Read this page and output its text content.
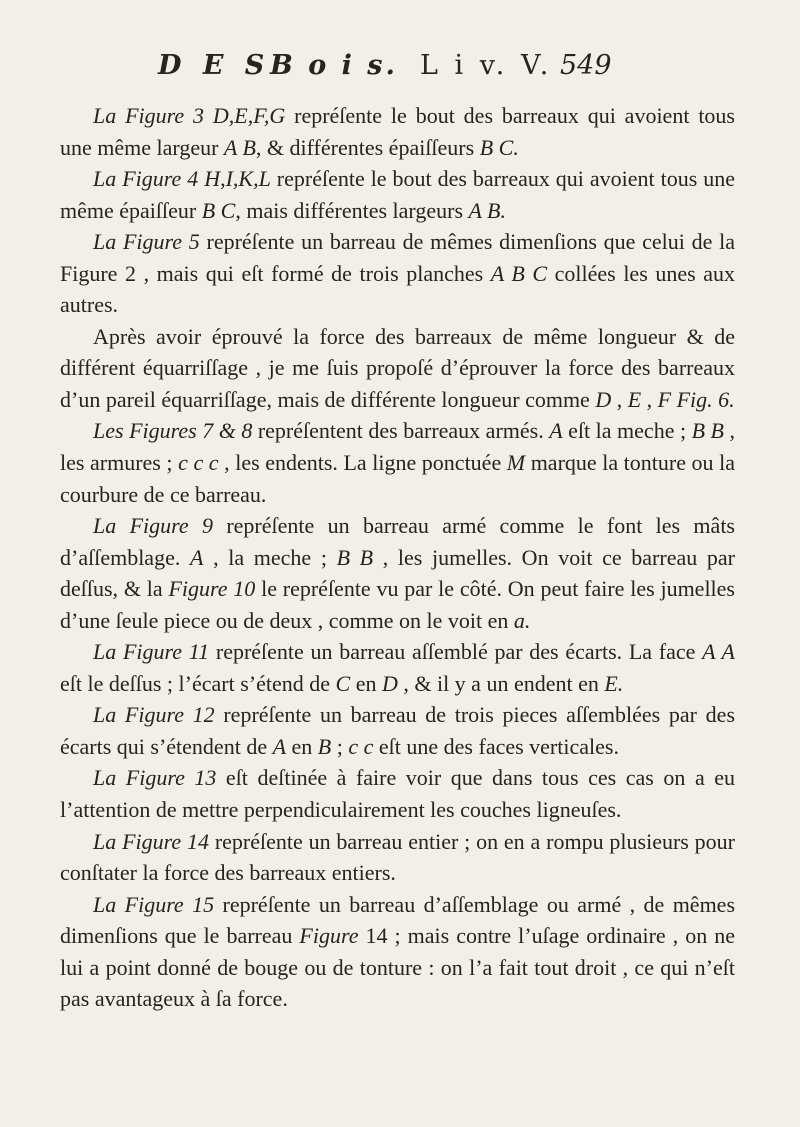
D E S B o i s. L i v. V. 549

La Figure 3 D,E,F,G repréſente le bout des barreaux qui avoient tous une même largeur A B, & différentes épaiſſeurs B C.

La Figure 4 H,I,K,L repréſente le bout des barreaux qui avoient tous une même épaiſſeur B C, mais différentes largeurs A B.

La Figure 5 repréſente un barreau de mêmes dimenſions que celui de la Figure 2 , mais qui eſt formé de trois planches A B C collées les unes aux autres.

Après avoir éprouvé la force des barreaux de même longueur & de différent équarriſſage , je me ſuis propoſé d’éprouver la force des barreaux d’un pareil équarriſſage, mais de différente longueur comme D , E , F Fig. 6.

Les Figures 7 & 8 repréſentent des barreaux armés. A eſt la meche ; B B , les armures ; c c c , les endents. La ligne ponctuée M marque la tonture ou la courbure de ce barreau.

La Figure 9 repréſente un barreau armé comme le font les mâts d’aſſemblage. A , la meche ; B B , les jumelles. On voit ce barreau par deſſus, & la Figure 10 le repréſente vu par le côté. On peut faire les jumelles d’une ſeule piece ou de deux , comme on le voit en a.

La Figure 11 repréſente un barreau aſſemblé par des écarts. La face A A eſt le deſſus ; l’écart s’étend de C en D , & il y a un endent en E.

La Figure 12 repréſente un barreau de trois pieces aſſemblées par des écarts qui s’étendent de A en B ; c c eſt une des faces verticales.

La Figure 13 eſt deſtinée à faire voir que dans tous ces cas on a eu l’attention de mettre perpendiculairement les couches ligneuſes.

La Figure 14 repréſente un barreau entier ; on en a rompu plusieurs pour conſtater la force des barreaux entiers.

La Figure 15 repréſente un barreau d’aſſemblage ou armé , de mêmes dimenſions que le barreau Figure 14 ; mais contre l’uſage ordinaire , on ne lui a point donné de bouge ou de tonture : on l’a fait tout droit , ce qui n’eſt pas avantageux à ſa force.
